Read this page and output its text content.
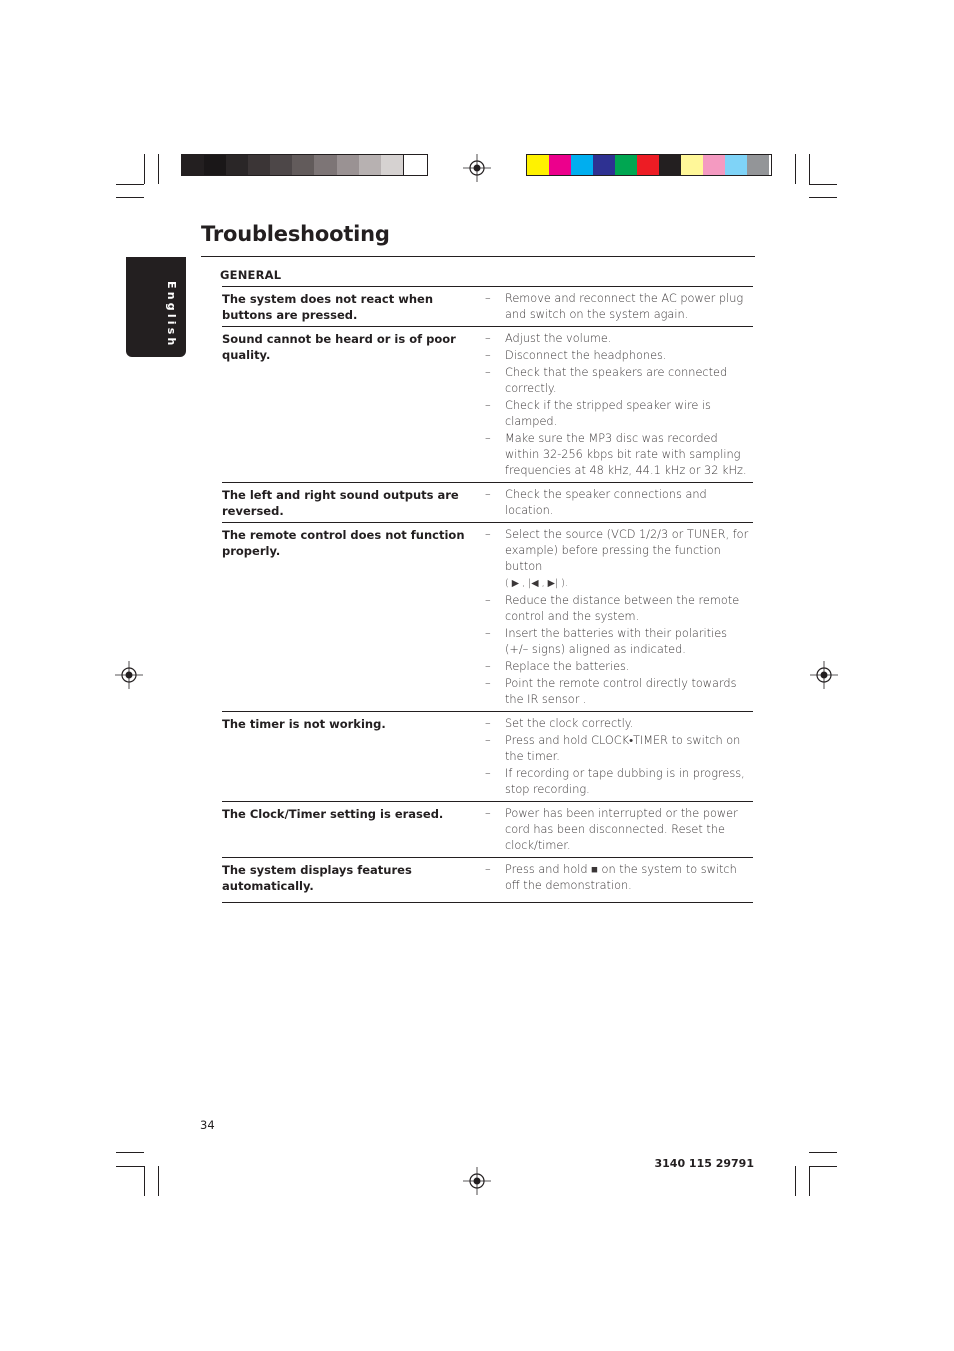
English
Troubleshooting
GENERAL
The system does not react when buttons are pressed.
–	Remove and reconnect the AC power plug and switch on the system again.
Sound cannot be heard or is of poor quality.
–	Adjust the volume.
–	Disconnect the headphones.
–	Check that the speakers are connected correctly.
–	Check if the stripped speaker wire is clamped.
–	Make sure the MP3 disc was recorded within 32-256 kbps bit rate with sampling frequencies at 48 kHz, 44.1 kHz or 32 kHz.
The left and right sound outputs are reversed.
–	Check the speaker connections and location.
The remote control does not function properly.
–	Select the source (VCD 1/2/3 or TUNER, for example) before pressing the function button
( ▶ , |◀ , ▶| ).
–	Reduce the distance between the remote control and the system.
–	Insert the batteries with their polarities (+/– signs) aligned as indicated.
–	Replace the batteries.
–	Point the remote control directly towards the IR sensor .
The timer is not working.	–	Set the clock correctly.
–	Press and hold CLOCK•TIMER to switch on the timer.
–	If recording or tape dubbing is in progress, stop recording.
The Clock/Timer setting is erased.	–	Power has been interrupted or the power cord has been disconnected. Reset the clock/timer.
The system displays features automatically.
–	Press and hold ■ on the system to switch off the demonstration.
34
3140 115 29791
